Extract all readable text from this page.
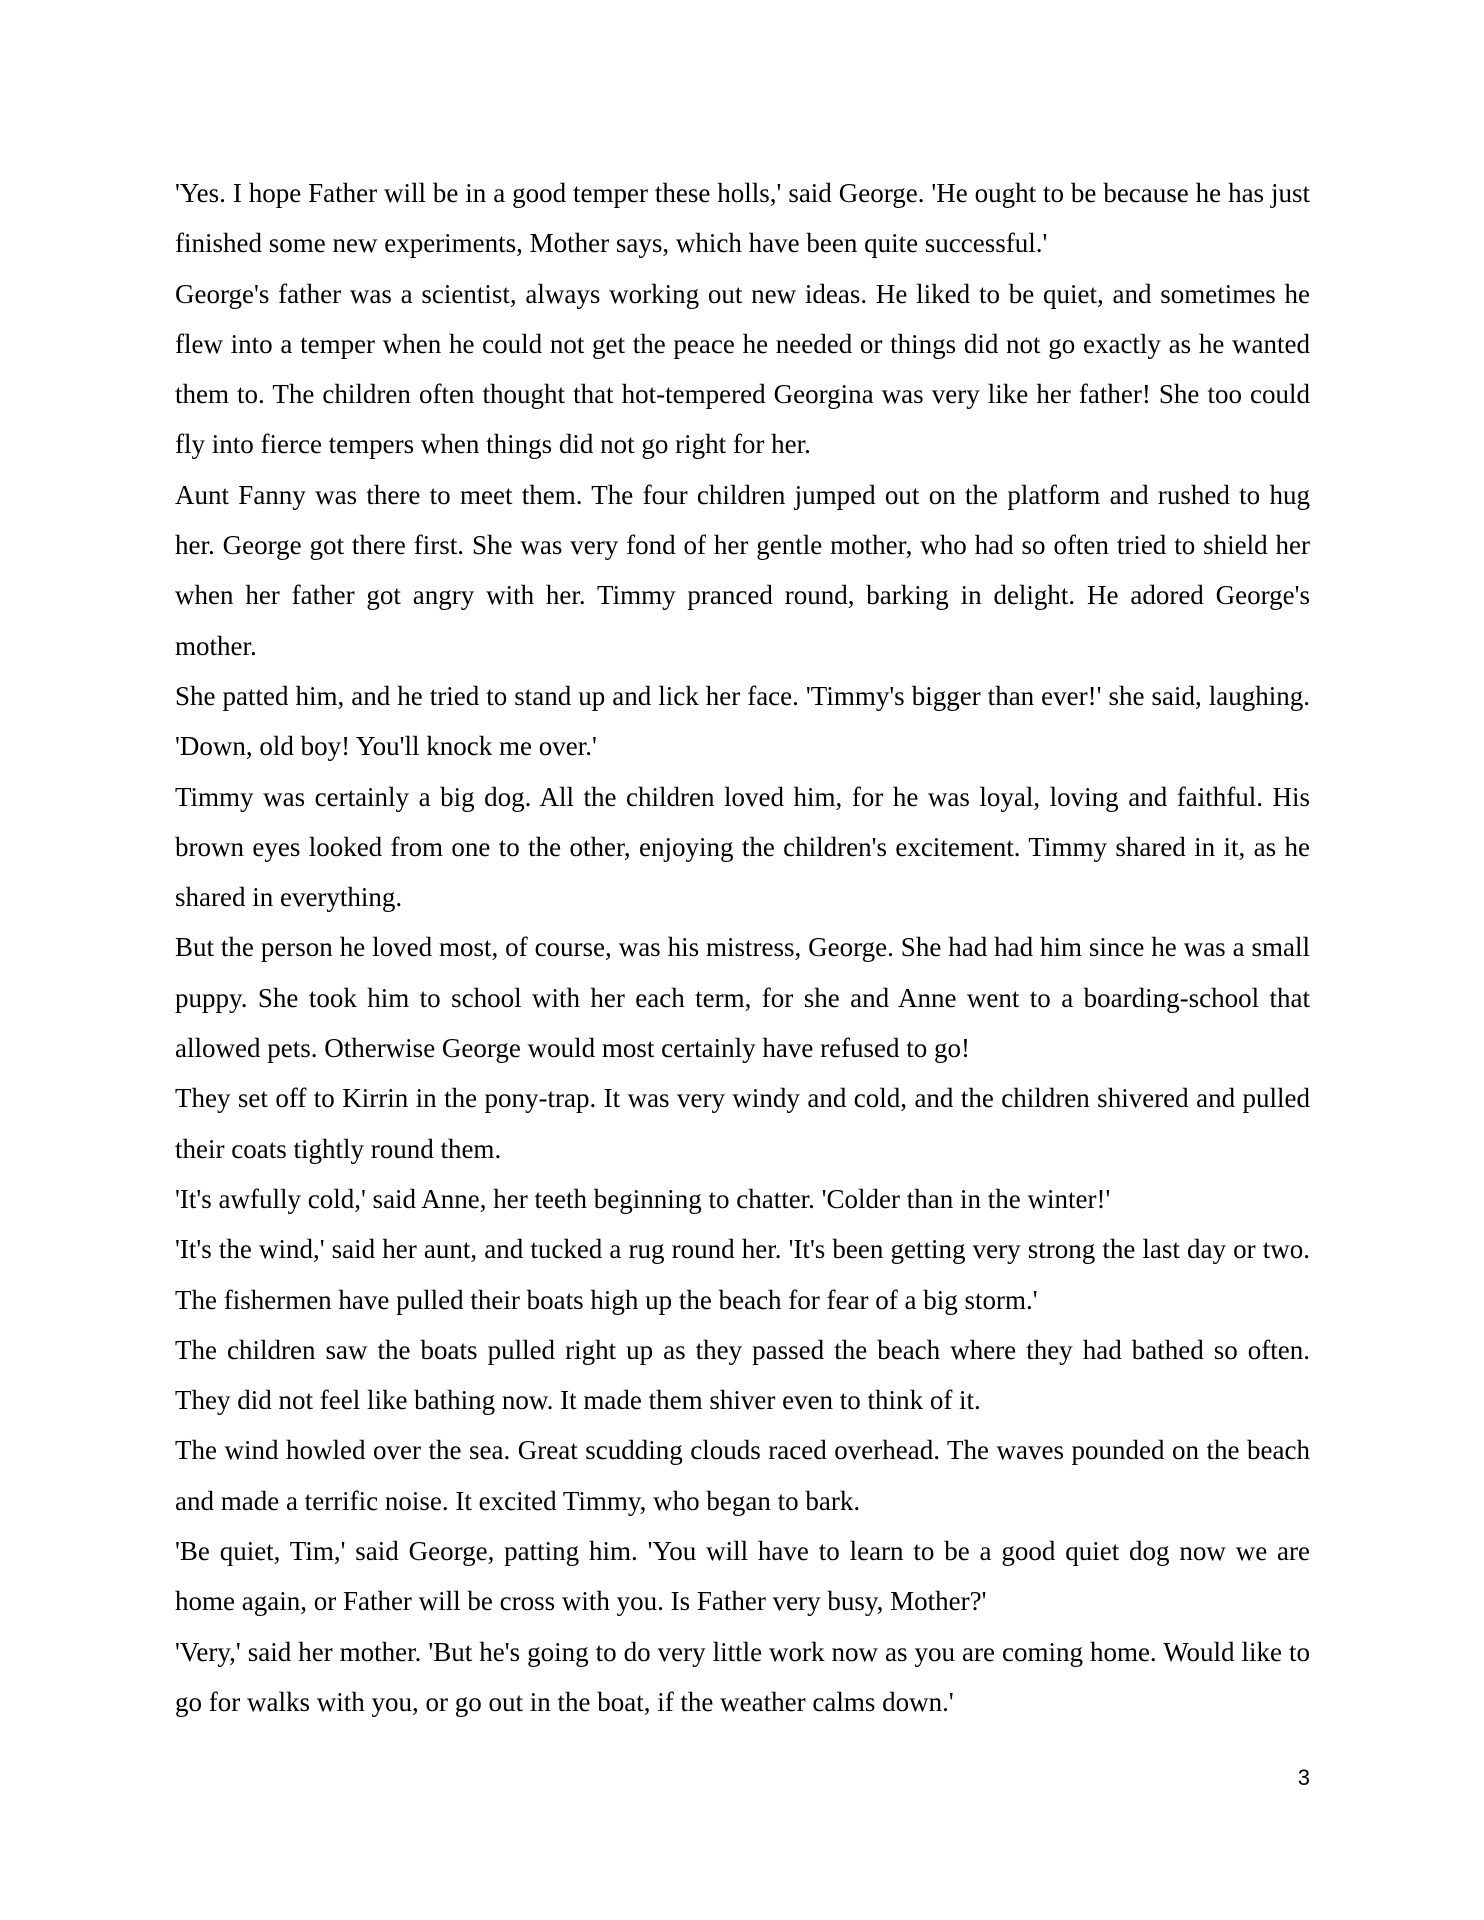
'Yes. I hope Father will be in a good temper these holls,' said George. 'He ought to be because he has just finished some new experiments, Mother says, which have been quite successful.'

George's father was a scientist, always working out new ideas. He liked to be quiet, and sometimes he flew into a temper when he could not get the peace he needed or things did not go exactly as he wanted them to. The children often thought that hot-tempered Georgina was very like her father! She too could fly into fierce tempers when things did not go right for her.

Aunt Fanny was there to meet them. The four children jumped out on the platform and rushed to hug her. George got there first. She was very fond of her gentle mother, who had so often tried to shield her when her father got angry with her. Timmy pranced round, barking in delight. He adored George's mother.

She patted him, and he tried to stand up and lick her face. 'Timmy's bigger than ever!' she said, laughing. 'Down, old boy! You'll knock me over.'

Timmy was certainly a big dog. All the children loved him, for he was loyal, loving and faithful. His brown eyes looked from one to the other, enjoying the children's excitement. Timmy shared in it, as he shared in everything.

But the person he loved most, of course, was his mistress, George. She had had him since he was a small puppy. She took him to school with her each term, for she and Anne went to a boarding-school that allowed pets. Otherwise George would most certainly have refused to go!

They set off to Kirrin in the pony-trap. It was very windy and cold, and the children shivered and pulled their coats tightly round them.

'It's awfully cold,' said Anne, her teeth beginning to chatter. 'Colder than in the winter!'

'It's the wind,' said her aunt, and tucked a rug round her. 'It's been getting very strong the last day or two. The fishermen have pulled their boats high up the beach for fear of a big storm.'

The children saw the boats pulled right up as they passed the beach where they had bathed so often. They did not feel like bathing now. It made them shiver even to think of it.

The wind howled over the sea. Great scudding clouds raced overhead. The waves pounded on the beach and made a terrific noise. It excited Timmy, who began to bark.

'Be quiet, Tim,' said George, patting him. 'You will have to learn to be a good quiet dog now we are home again, or Father will be cross with you. Is Father very busy, Mother?'

'Very,' said her mother. 'But he's going to do very little work now as you are coming home. Would like to go for walks with you, or go out in the boat, if the weather calms down.'

3
